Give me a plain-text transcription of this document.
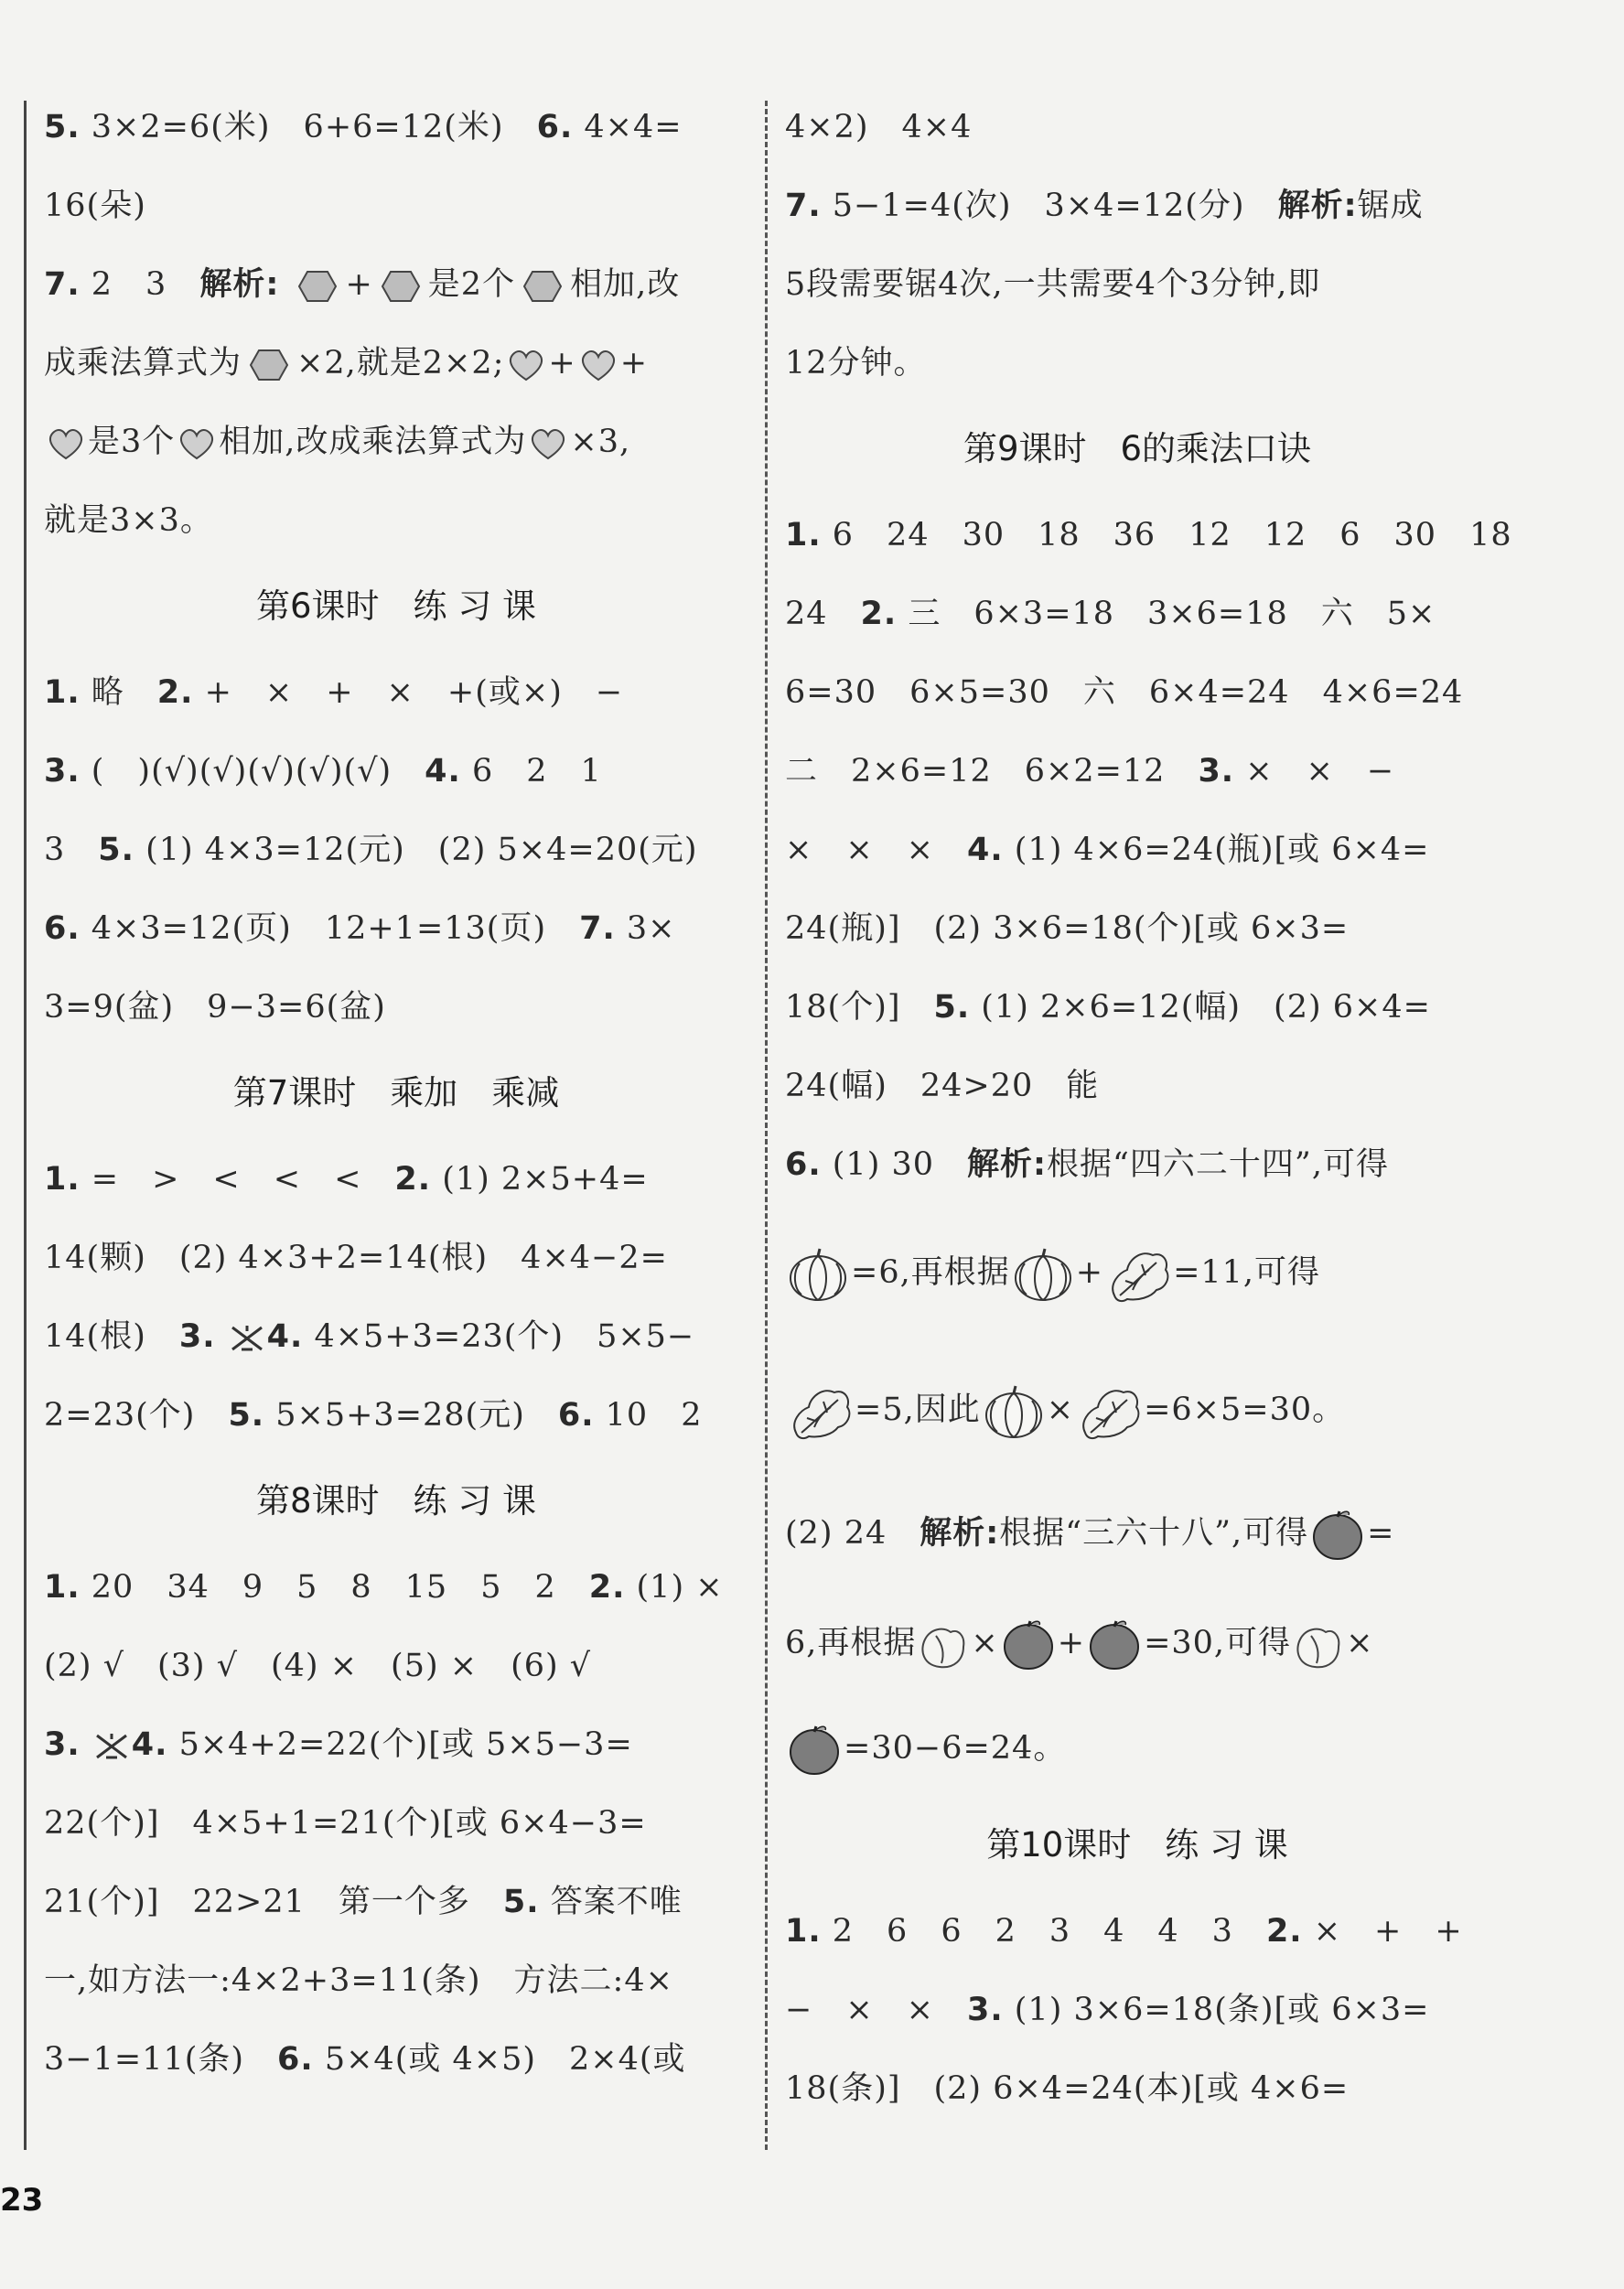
5. 3×2=6(米)　6+6=12(米)　6. 4×4=
16(朵)
7. 2　3　解析: + 是2个 相加,改
成乘法算式为 ×2,就是2×2; + +
是3个 相加,改成乘法算式为 ×3,
就是3×3。
第6课时　练 习 课
1. 略　2. +　×　+　×　+(或×)　−
3. (　)(√)(√)(√)(√)(√)　4. 6　2　1
3　5. (1) 4×3=12(元)　(2) 5×4=20(元)
6. 4×3=12(页)　12+1=13(页)　7. 3×
3=9(盆)　9−3=6(盆)
第7课时　乘加　乘减
1. =　>　<　<　<　2. (1) 2×5+4=
14(颗)　(2) 4×3+2=14(根)　4×4−2=
14(根)　3. 4. 4×5+3=23(个)　5×5−
2=23(个)　5. 5×5+3=28(元)　6. 10　2
第8课时　练 习 课
1. 20　34　9　5　8　15　5　2　2. (1) ×
(2) √　(3) √　(4) ×　(5) ×　(6) √
3. 4. 5×4+2=22(个)[或 5×5−3=
22(个)]　4×5+1=21(个)[或 6×4−3=
21(个)]　22>21　第一个多　5. 答案不唯
一,如方法一:4×2+3=11(条)　方法二:4×
3−1=11(条)　6. 5×4(或 4×5)　2×4(或
4×2)　4×4
7. 5−1=4(次)　3×4=12(分)　解析:锯成
5段需要锯4次,一共需要4个3分钟,即
12分钟。
第9课时　6的乘法口诀
1. 6　24　30　18　36　12　12　6　30　18
24　2. 三　6×3=18　3×6=18　六　5×
6=30　6×5=30　六　6×4=24　4×6=24
二　2×6=12　6×2=12　3. ×　×　−
×　×　×　4. (1) 4×6=24(瓶)[或 6×4=
24(瓶)]　(2) 3×6=18(个)[或 6×3=
18(个)]　5. (1) 2×6=12(幅)　(2) 6×4=
24(幅)　24>20　能
6. (1) 30　解析:根据“四六二十四”,可得
=6,再根据 + =11,可得
=5,因此 × =6×5=30。
(2) 24　解析:根据“三六十八”,可得 =
6,再根据 × + =30,可得 ×
=30−6=24。
第10课时　练 习 课
1. 2　6　6　2　3　4　4　3　2. ×　+　+
−　×　×　3. (1) 3×6=18(条)[或 6×3=
18(条)]　(2) 6×4=24(本)[或 4×6=
23
